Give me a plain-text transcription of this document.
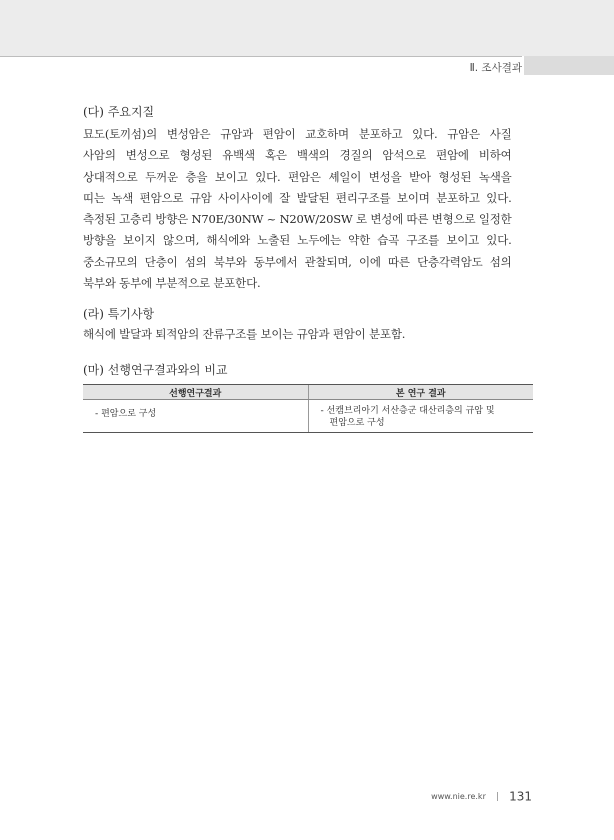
Ⅱ. 조사결과

(다) 주요지질

묘도(토끼섬)의 변성암은 규암과 편암이 교호하며 분포하고 있다. 규암은 사질
사암의 변성으로 형성된 유백색 혹은 백색의 경질의 암석으로 편암에 비하여
상대적으로 두꺼운 층을 보이고 있다. 편암은 셰일이 변성을 받아 형성된 녹색을
띠는 녹색 편암으로 규암 사이사이에 잘 발달된 편리구조를 보이며 분포하고 있다.
측정된 고층리 방향은 N70E/30NW ~ N20W/20SW 로 변성에 따른 변형으로 일정한
방향을 보이지 않으며, 해식에와 노출된 노두에는 약한 습곡 구조를 보이고 있다.
중소규모의 단층이 섬의 북부와 동부에서 관찰되며, 이에 따른 단층각력암도 섬의
북부와 동부에 부분적으로 분포한다.

(라) 특기사항

해식에 발달과 퇴적암의 잔류구조를 보이는 규암과 편암이 분포함.

(마) 선행연구결과와의 비교

선행연구결과	본 연구 결과
- 편암으로 구성	- 선캠브리아기 서산층군 대산리층의 규암 및
편암으로 구성
www.nie.re.kr | 131
